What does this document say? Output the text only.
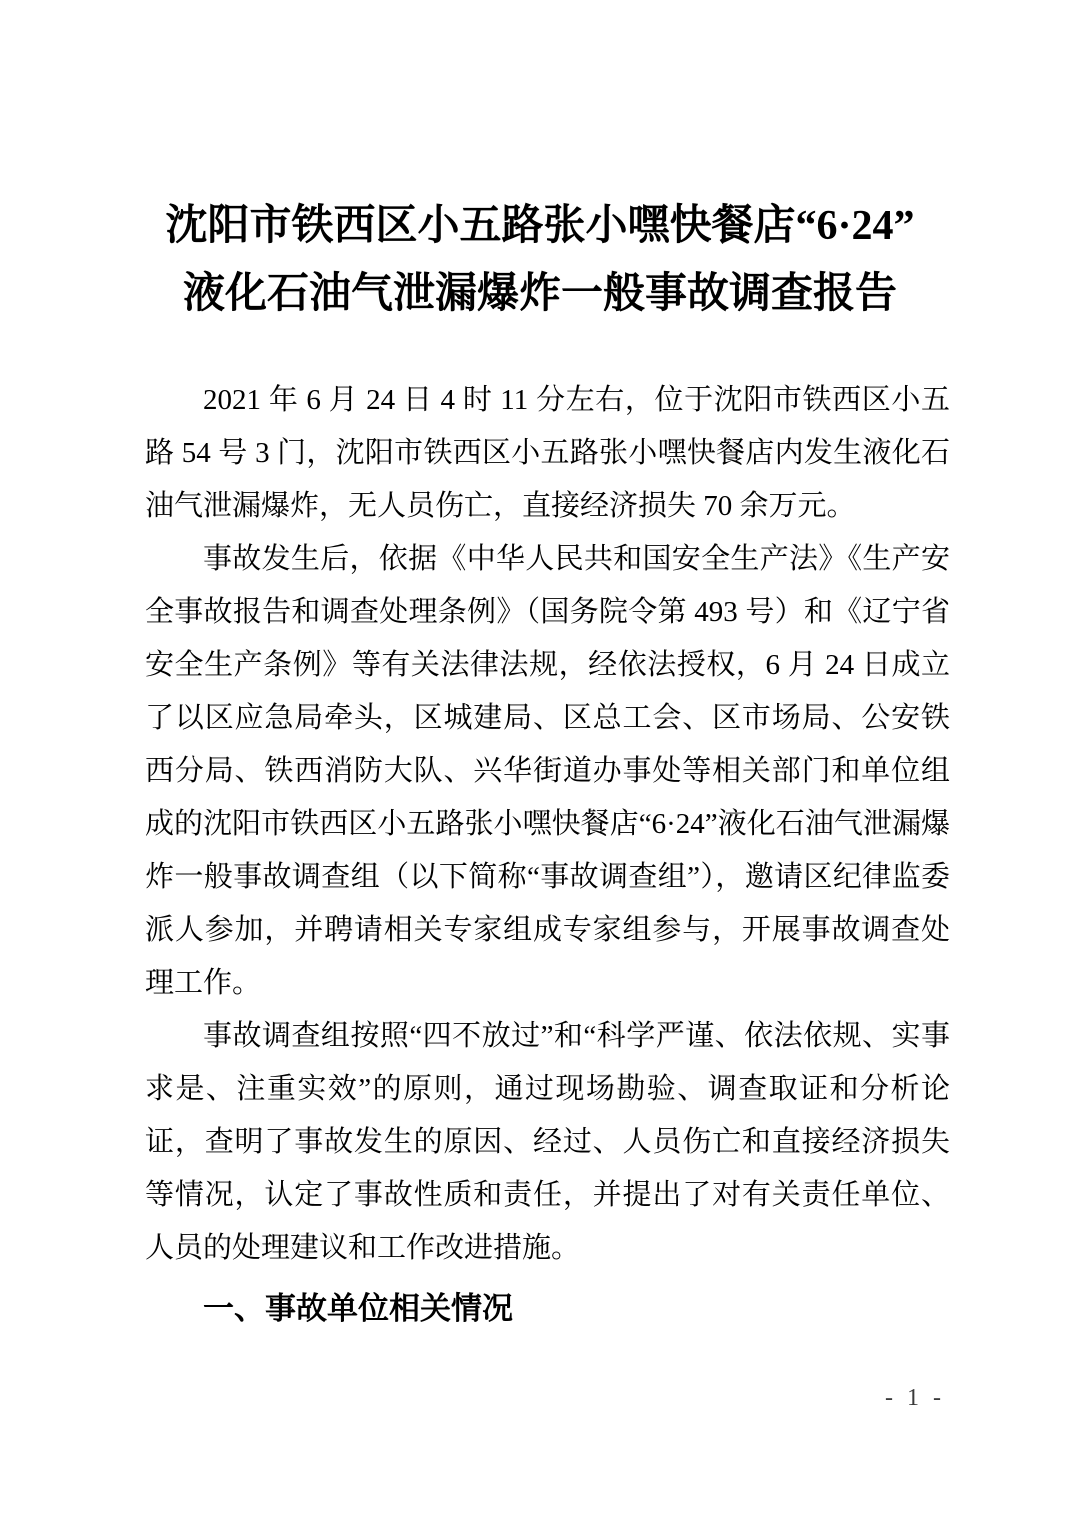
沈阳市铁西区小五路张小嘿快餐店“6·24”
液化石油气泄漏爆炸一般事故调查报告

2021 年 6 月 24 日 4 时 11 分左右，位于沈阳市铁西区小五路 54 号 3 门，沈阳市铁西区小五路张小嘿快餐店内发生液化石油气泄漏爆炸，无人员伤亡，直接经济损失 70 余万元。

事故发生后，依据《中华人民共和国安全生产法》《生产安全事故报告和调查处理条例》（国务院令第 493 号）和《辽宁省安全生产条例》等有关法律法规，经依法授权，6 月 24 日成立了以区应急局牵头，区城建局、区总工会、区市场局、公安铁西分局、铁西消防大队、兴华街道办事处等相关部门和单位组成的沈阳市铁西区小五路张小嘿快餐店“6·24”液化石油气泄漏爆炸一般事故调查组（以下简称“事故调查组”），邀请区纪律监委派人参加，并聘请相关专家组成专家组参与，开展事故调查处理工作。

事故调查组按照“四不放过”和“科学严谨、依法依规、实事求是、注重实效”的原则，通过现场勘验、调查取证和分析论证，查明了事故发生的原因、经过、人员伤亡和直接经济损失等情况，认定了事故性质和责任，并提出了对有关责任单位、人员的处理建议和工作改进措施。

一、事故单位相关情况
- 1 -
